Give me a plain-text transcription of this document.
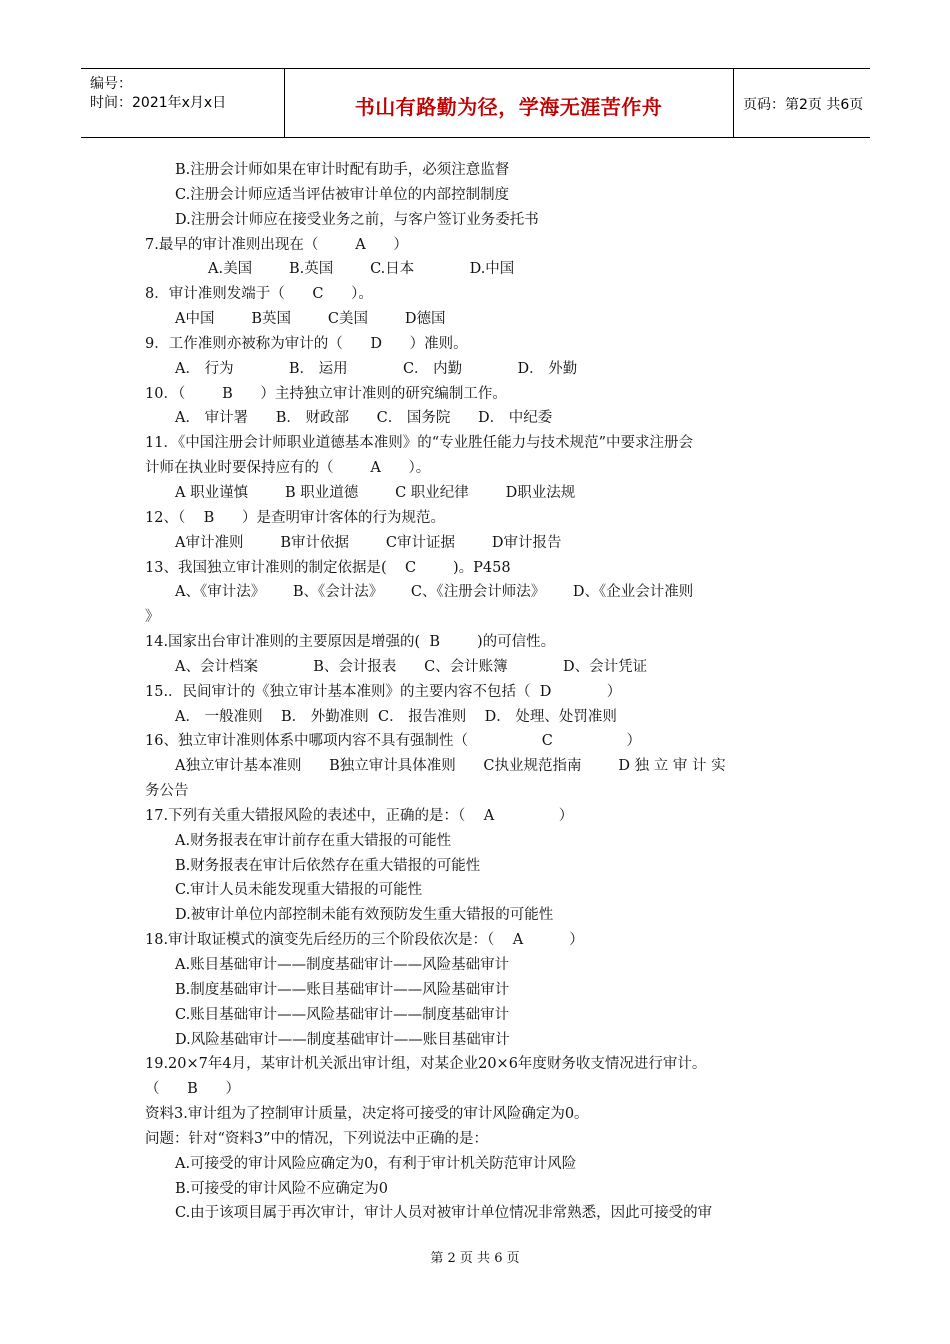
编号：
时间：2021年x月x日	书山有路勤为径，学海无涯苦作舟	页码：第2页 共6页
B.注册会计师如果在审计时配有助手，必须注意监督
C.注册会计师应适当评估被审计单位的内部控制制度
D.注册会计师应在接受业务之前，与客户签订业务委托书
7.最早的审计准则出现在（        A      ）
A.美国        B.英国        C.日本            D.中国
8．审计准则发端于（      C      ）。
A中国        B英国        C美国        D德国
9．工作准则亦被称为审计的（      D      ）准则。
A． 行为            B． 运用            C． 内勤            D． 外勤
10．（        B      ）主持独立审计准则的研究编制工作。
A． 审计署      B． 财政部      C． 国务院      D． 中纪委
11．《中国注册会计师职业道德基本准则》的“专业胜任能力与技术规范”中要求注册会
计师在执业时要保持应有的（        A      ）。
A 职业谨慎        B 职业道德        C 职业纪律        D职业法规
12、（    B      ）是查明审计客体的行为规范。
A审计准则        B审计依据        C审计证据        D审计报告
13、我国独立审计准则的制定依据是(    C        )。P458
A、《审计法》      B、《会计法》      C、《注册会计师法》      D、《企业会计准则
》
14.国家出台审计准则的主要原因是增强的(  B        )的可信性。
A、会计档案            B、会计报表      C、会计账簿            D、会计凭证
15.．民间审计的《独立审计基本准则》的主要内容不包括（  D            ）
A． 一般准则    B． 外勤准则  C． 报告准则    D． 处理、处罚准则
16、独立审计准则体系中哪项内容不具有强制性（                C                ）
A独立审计基本准则      B独立审计具体准则      C执业规范指南        D 独 立 审 计 实
务公告
17.下列有关重大错报风险的表述中，正确的是：（    A              ）
A.财务报表在审计前存在重大错报的可能性
B.财务报表在审计后依然存在重大错报的可能性
C.审计人员未能发现重大错报的可能性
D.被审计单位内部控制未能有效预防发生重大错报的可能性
18.审计取证模式的演变先后经历的三个阶段依次是：（    A          ）
A.账目基础审计——制度基础审计——风险基础审计
B.制度基础审计——账目基础审计——风险基础审计
C.账目基础审计——风险基础审计——制度基础审计
D.风险基础审计——制度基础审计——账目基础审计
19.20×7年4月，某审计机关派出审计组，对某企业20×6年度财务收支情况进行审计。
（      B      ）
资料3.审计组为了控制审计质量，决定将可接受的审计风险确定为0。
问题：针对“资料3”中的情况，下列说法中正确的是：
A.可接受的审计风险应确定为0，有利于审计机关防范审计风险
B.可接受的审计风险不应确定为0
C.由于该项目属于再次审计，审计人员对被审计单位情况非常熟悉，因此可接受的审
第 2 页 共 6 页
